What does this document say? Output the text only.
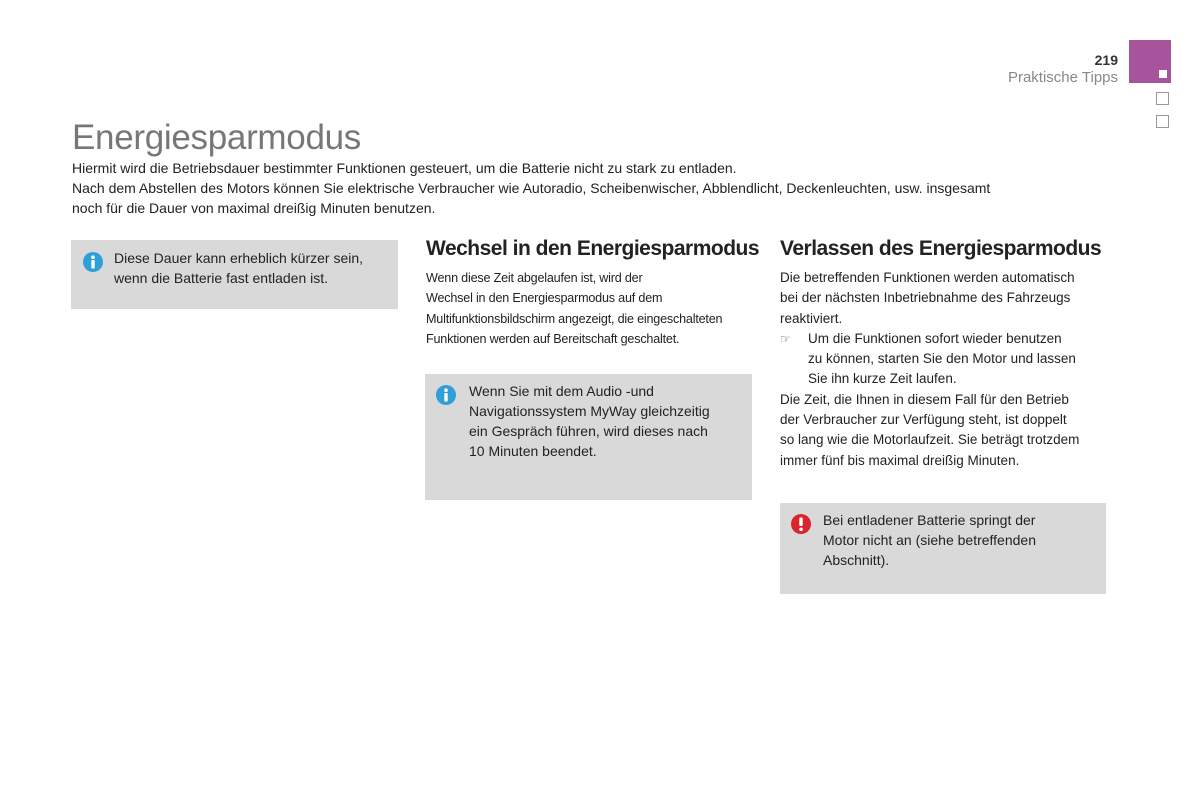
219
Praktische Tipps
Energiesparmodus

Hiermit wird die Betriebsdauer bestimmter Funktionen gesteuert, um die Batterie nicht zu stark zu entladen.

Nach dem Abstellen des Motors können Sie elektrische Verbraucher wie Autoradio, Scheibenwischer, Abblendlicht, Deckenleuchten, usw. insgesamt

noch für die Dauer von maximal dreißig Minuten benutzen.

Diese Dauer kann erheblich kürzer sein,
wenn die Batterie fast entladen ist.
Wechsel in den Energiesparmodus

Wenn diese Zeit abgelaufen ist, wird der

Wechsel in den Energiesparmodus auf dem

Multifunktionsbildschirm angezeigt, die eingeschalteten

Funktionen werden auf Bereitschaft geschaltet.

Wenn Sie mit dem Audio -und
Navigationssystem MyWay gleichzeitig
ein Gespräch führen, wird dieses nach
10 Minuten beendet.
Verlassen des Energiesparmodus

Die betreffenden Funktionen werden automatisch

bei der nächsten Inbetriebnahme des Fahrzeugs

reaktiviert.

☞ Um die Funktionen sofort wieder benutzen

zu können, starten Sie den Motor und lassen

Sie ihn kurze Zeit laufen.

Die Zeit, die Ihnen in diesem Fall für den Betrieb

der Verbraucher zur Verfügung steht, ist doppelt

so lang wie die Motorlaufzeit. Sie beträgt trotzdem

immer fünf bis maximal dreißig Minuten.

Bei entladener Batterie springt der
Motor nicht an (siehe betreffenden
Abschnitt).
